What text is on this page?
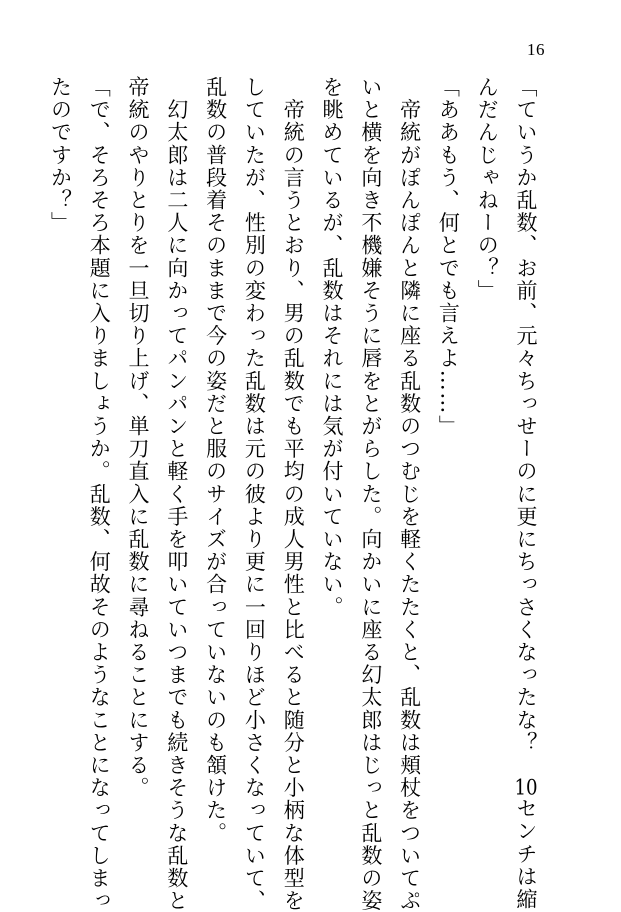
16
「ていうか乱数、お前、元々ちっせーのに更にちっさくなったな？　10センチは縮
んだんじゃねーの？」
「ああもう、何とでも言えよ……」
　帝統がぽんぽんと隣に座る乱数のつむじを軽くたたくと、乱数は頬杖をついてぷ
いと横を向き不機嫌そうに唇をとがらした。向かいに座る幻太郎はじっと乱数の姿
を眺めているが、乱数はそれには気が付いていない。
　帝統の言うとおり、男の乱数でも平均の成人男性と比べると随分と小柄な体型を
していたが、性別の変わった乱数は元の彼より更に一回りほど小さくなっていて、
乱数の普段着そのままで今の姿だと服のサイズが合っていないのも頷けた。
　幻太郎は二人に向かってパンパンと軽く手を叩いていつまでも続きそうな乱数と
帝統のやりとりを一旦切り上げ、単刀直入に乱数に尋ねることにする。
「で、そろそろ本題に入りましょうか。乱数、何故そのようなことになってしまっ
たのですか？」
